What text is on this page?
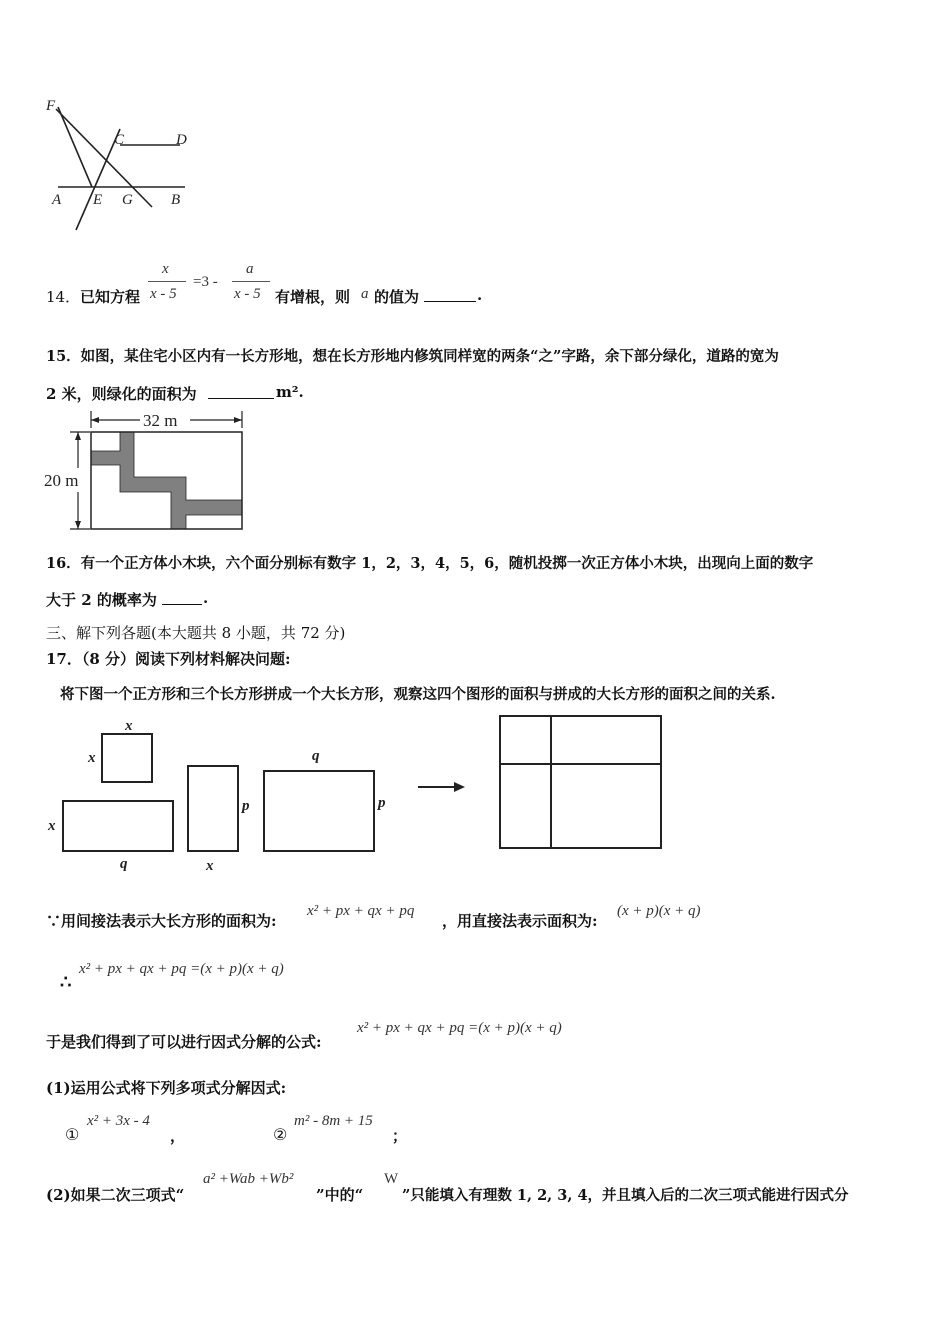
F
C	D
A E G	B
14． 已知方程
x
x - 5
=3 -
a
x - 5 有增根，则 a 的值为	.
15．如图，某住宅小区内有一长方形地，想在长方形地内修筑同样宽的两条“之”字路，余下部分绿化，道路的宽为
2 米，则绿化的面积为	m².
32 m
20 m
16．有一个正方体小木块，六个面分别标有数字 1，2，3，4，5，6，随机投掷一次正方体小木块，出现向上面的数字
大于 2 的概率为	.
三、解下列各题(本大题共 8 小题，共 72 分)
17．（8 分）阅读下列材料解决问题:
将下图一个正方形和三个长方形拼成一个大长方形，观察这四个图形的面积与拼成的大长方形的面积之间的关系.
x
x
x
q
p
x
q
p
∵用间接法表示大长方形的面积为:
x² + px + qx + pq
，用直接法表示面积为:
(x + p)(x + q)
∴
x² + px + qx + pq =(x + p)(x + q)
于是我们得到了可以进行因式分解的公式:
x² + px + qx + pq =(x + p)(x + q)
(1)运用公式将下列多项式分解因式:
①
x² + 3x - 4
，	②
m² - 8m + 15
；
(2)如果二次三项式“
a² +Wab +Wb²
”中的“
W
”只能填入有理数 1, 2, 3, 4，并且填入后的二次三项式能进行因式分
